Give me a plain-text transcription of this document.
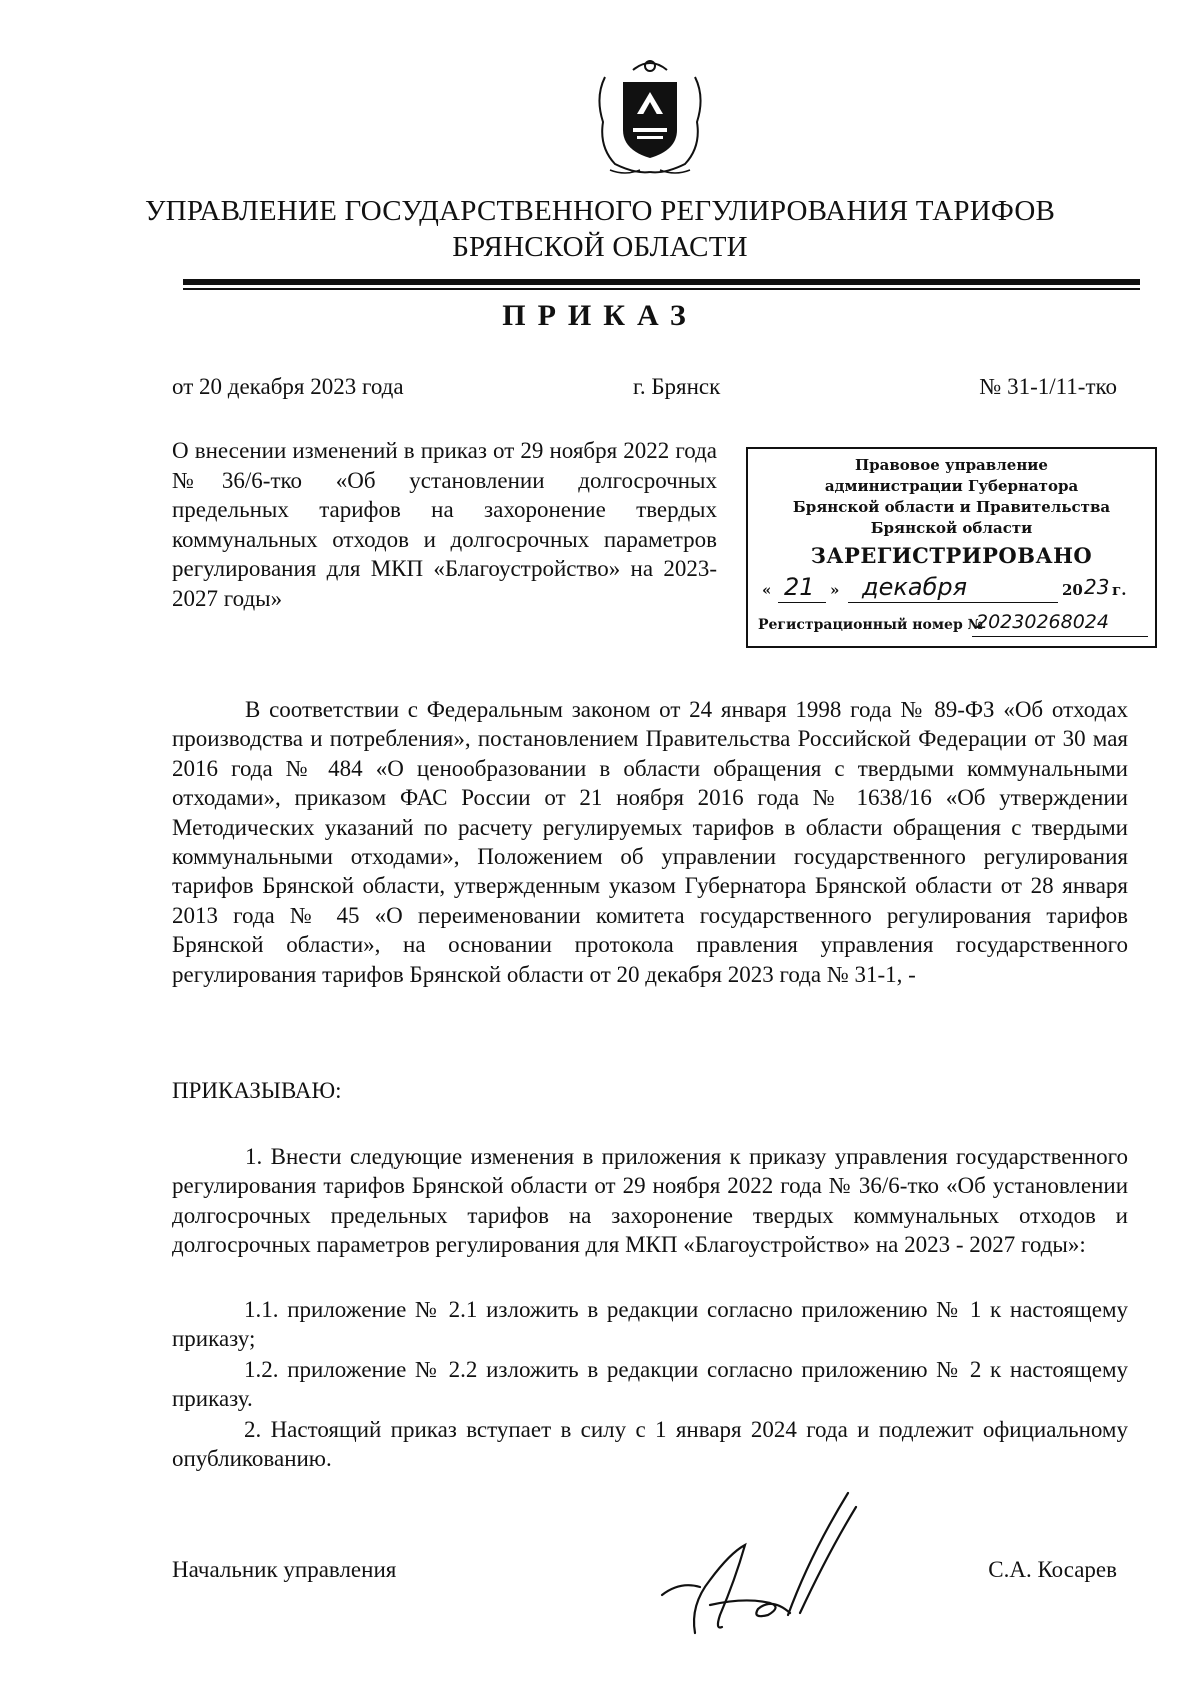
УПРАВЛЕНИЕ ГОСУДАРСТВЕННОГО РЕГУЛИРОВАНИЯ ТАРИФОВ
БРЯНСКОЙ ОБЛАСТИ
ПРИКАЗ
от 20 декабря 2023 года	г. Брянск	№ 31-1/11-тко
О внесении изменений в приказ от 29 ноября 2022 года №36/6-тко «Об установлении долгосрочных предельных тарифов на захоронение твердых коммунальных отходов и долгосрочных параметров регулирования для МКП «Благоустройство» на 2023-2027 годы»
Правовое управление
администрации Губернатора
Брянской области и Правительства
Брянской области
ЗАРЕГИСТРИРОВАНО
« 21 » декабря	20 23 г.
Регистрационный номер №
20230268024
В соответствии с Федеральным законом от 24 января 1998 года № 89-ФЗ «Об отходах производства и потребления», постановлением Правительства Российской Федерации от 30 мая 2016 года № 484 «О ценообразовании в области обращения с твердыми коммунальными отходами», приказом ФАС России от 21 ноября 2016 года № 1638/16 «Об утверждении Методических указаний по расчету регулируемых тарифов в области обращения с твердыми коммунальными отходами», Положением об управлении государственного регулирования тарифов Брянской области, утвержденным указом Губернатора Брянской области от 28 января 2013 года № 45 «О переименовании комитета государственного регулирования тарифов Брянской области», на основании протокола правления управления государственного регулирования тарифов Брянской области от 20 декабря 2023 года № 31-1, -
ПРИКАЗЫВАЮ:
1. Внести следующие изменения в приложения к приказу управления государственного регулирования тарифов Брянской области от 29 ноября 2022 года № 36/6-тко «Об установлении долгосрочных предельных тарифов на захоронение твердых коммунальных отходов и долгосрочных параметров регулирования для МКП «Благоустройство» на 2023 - 2027 годы»:
1.1. приложение № 2.1 изложить в редакции согласно приложению № 1 к настоящему приказу;
1.2. приложение № 2.2 изложить в редакции согласно приложению № 2 к настоящему приказу.
2. Настоящий приказ вступает в силу с 1 января 2024 года и подлежит официальному опубликованию.
Начальник управления	С.А. Косарев
